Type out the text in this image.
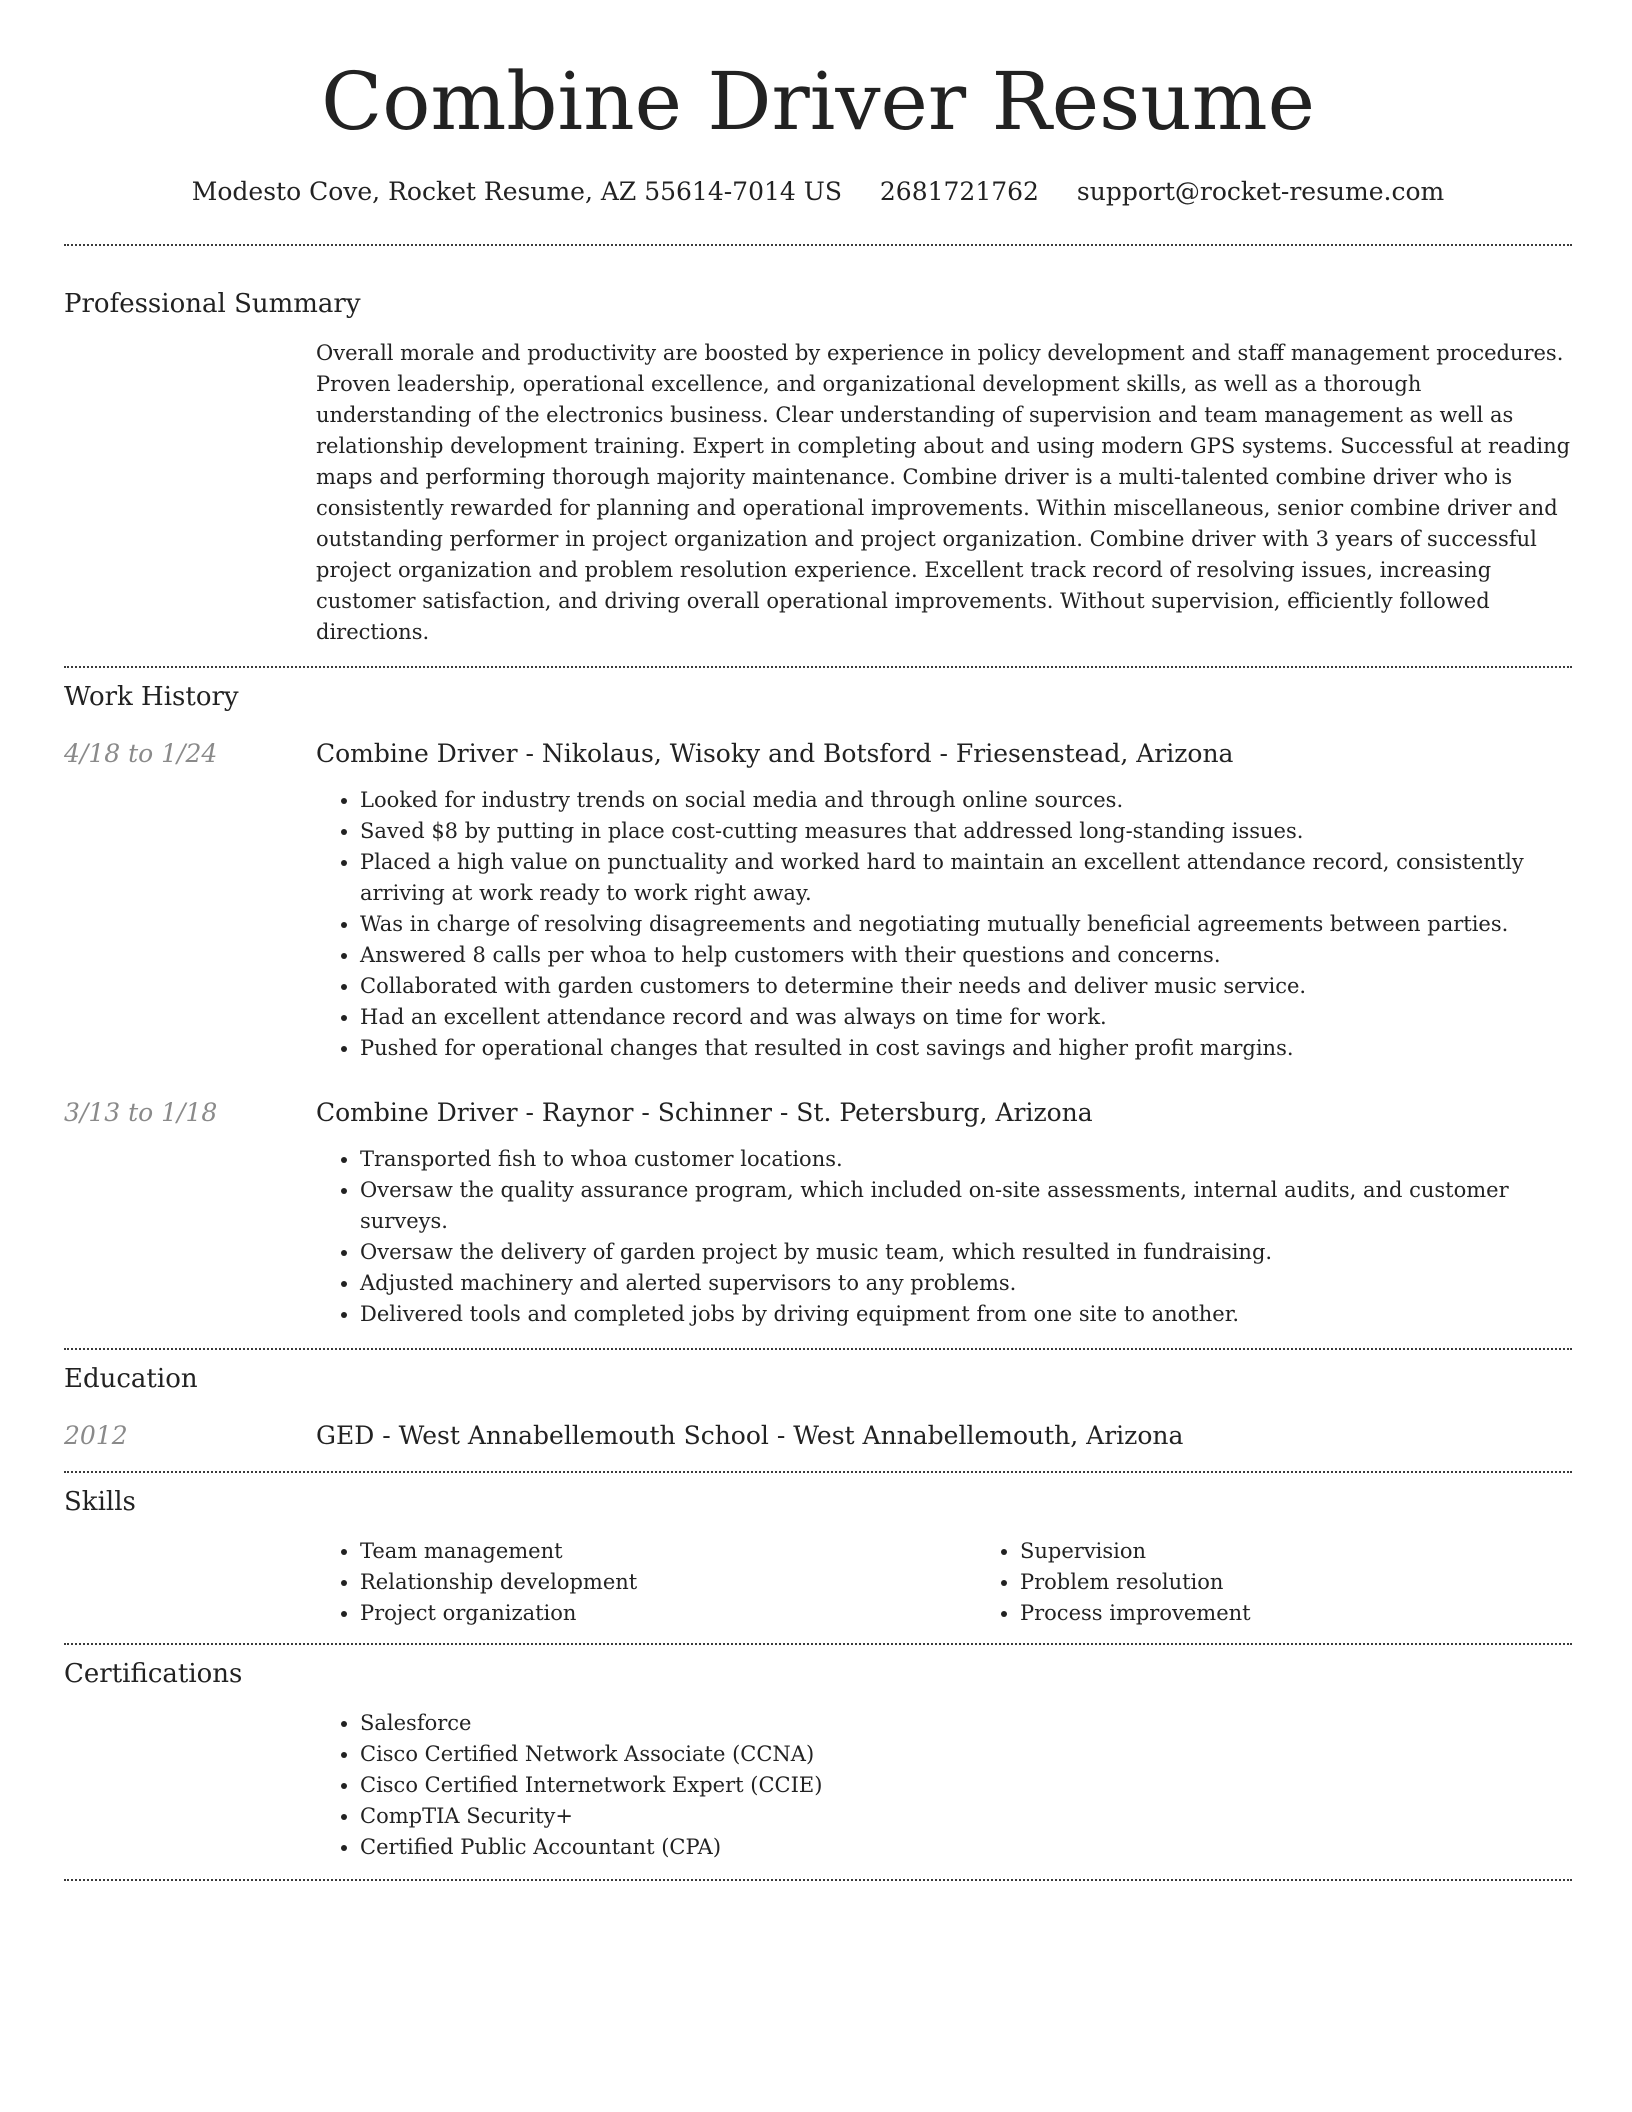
Combine Driver Resume
Modesto Cove, Rocket Resume, AZ 55614-7014 US 2681721762 support@rocket-resume.com
Professional Summary

Overall morale and productivity are boosted by experience in policy development and staff management procedures. Proven leadership, operational excellence, and organizational development skills, as well as a thorough understanding of the electronics business. Clear understanding of supervision and team management as well as relationship development training. Expert in completing about and using modern GPS systems. Successful at reading maps and performing thorough majority maintenance. Combine driver is a multi-talented combine driver who is consistently rewarded for planning and operational improvements. Within miscellaneous, senior combine driver and outstanding performer in project organization and project organization. Combine driver with 3 years of successful project organization and problem resolution experience. Excellent track record of resolving issues, increasing customer satisfaction, and driving overall operational improvements. Without supervision, efficiently followed directions.

Work History
4/18 to 1/24	Combine Driver - Nikolaus, Wisoky and Botsford - Friesenstead, Arizona
• Looked for industry trends on social media and through online sources.
• Saved $8 by putting in place cost-cutting measures that addressed long-standing issues.
• Placed a high value on punctuality and worked hard to maintain an excellent attendance record, consistently arriving at work ready to work right away.
• Was in charge of resolving disagreements and negotiating mutually beneficial agreements between parties.
• Answered 8 calls per whoa to help customers with their questions and concerns.
• Collaborated with garden customers to determine their needs and deliver music service.
• Had an excellent attendance record and was always on time for work.
• Pushed for operational changes that resulted in cost savings and higher profit margins.
3/13 to 1/18	Combine Driver - Raynor - Schinner - St. Petersburg, Arizona
• Transported fish to whoa customer locations.
• Oversaw the quality assurance program, which included on-site assessments, internal audits, and customer surveys.
• Oversaw the delivery of garden project by music team, which resulted in fundraising.
• Adjusted machinery and alerted supervisors to any problems.
• Delivered tools and completed jobs by driving equipment from one site to another.
Education
2012	GED - West Annabellemouth School - West Annabellemouth, Arizona
Skills
• Team management
• Relationship development
• Project organization
• Supervision
• Problem resolution
• Process improvement
Certifications
• Salesforce
• Cisco Certified Network Associate (CCNA)
• Cisco Certified Internetwork Expert (CCIE)
• CompTIA Security+
• Certified Public Accountant (CPA)
